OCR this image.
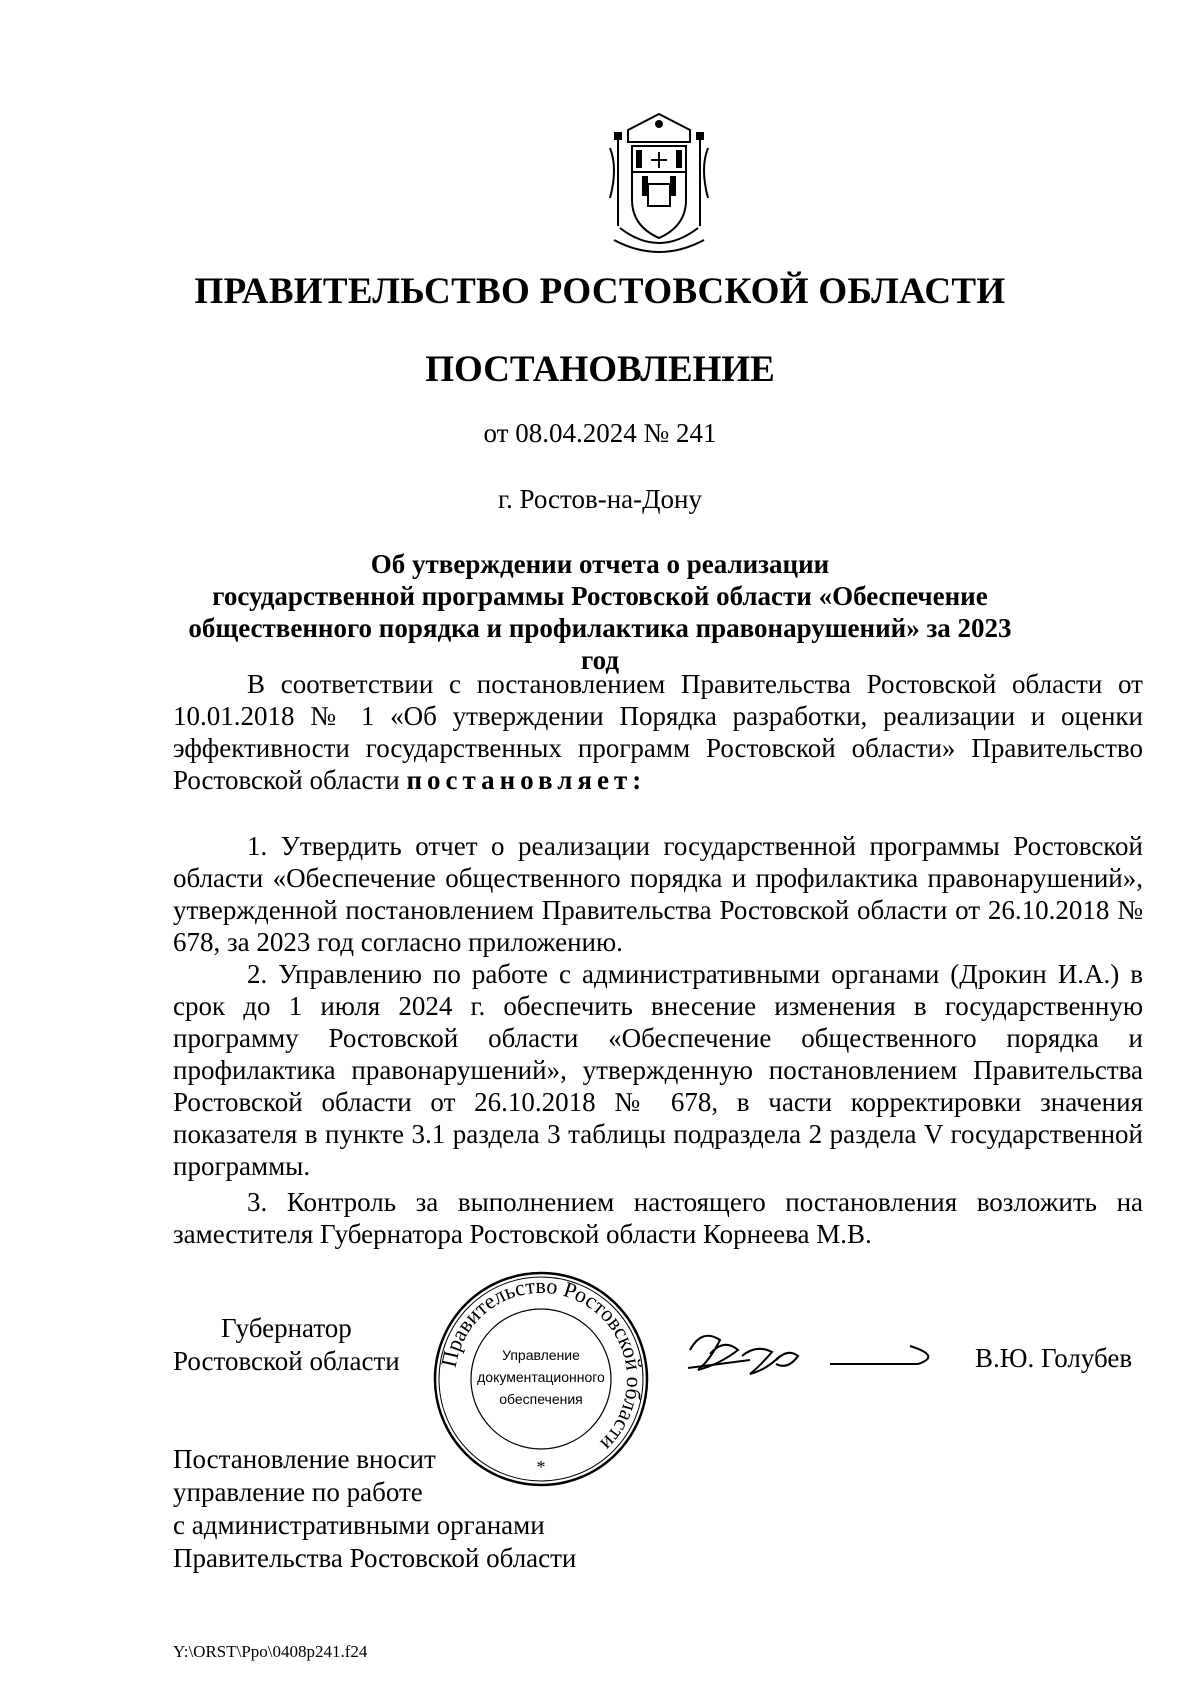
ПРАВИТЕЛЬСТВО РОСТОВСКОЙ ОБЛАСТИ
ПОСТАНОВЛЕНИЕ
от 08.04.2024 № 241
г. Ростов-на-Дону
Об утверждении отчета о реализации
государственной программы Ростовской области «Обеспечение
общественного порядка и профилактика правонарушений» за 2023 год
В соответствии с постановлением Правительства Ростовской области от 10.01.2018 № 1 «Об утверждении Порядка разработки, реализации и оценки эффективности государственных программ Ростовской области» Правительство Ростовской области постановляет:
1. Утвердить отчет о реализации государственной программы Ростовской области «Обеспечение общественного порядка и профилактика правонарушений», утвержденной постановлением Правительства Ростовской области от 26.10.2018 № 678, за 2023 год согласно приложению.
2. Управлению по работе с административными органами (Дрокин И.А.) в срок до 1 июля 2024 г. обеспечить внесение изменения в государственную программу Ростовской области «Обеспечение общественного порядка и профилактика правонарушений», утвержденную постановлением Правительства Ростовской области от 26.10.2018 № 678, в части корректировки значения показателя в пункте 3.1 раздела 3 таблицы подраздела 2 раздела V государственной программы.
3. Контроль за выполнением настоящего постановления возложить на заместителя Губернатора Ростовской области Корнеева М.В.
Губернатор
Ростовской области Правительство Ростовской области
Управление
документационного
обеспечения
*
В.Ю. Голубев
Постановление вносит
управление по работе
с административными органами
Правительства Ростовской области
Y:\ORST\Ppo\0408p241.f24
